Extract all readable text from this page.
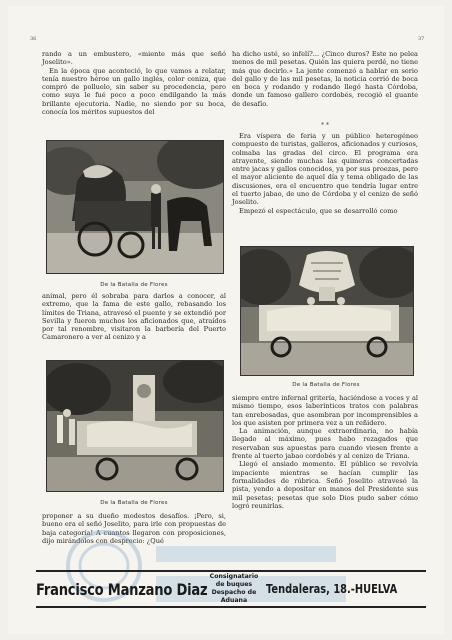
36	37

rando a un embustero, «miente más que señó Joselito».

En la época que aconteció, lo que vamos a relatar, tenía nuestro héroe un gallo inglés, color ceniza, que compró de polluelo, sin saber su procedencia, pero como suya le fué poco a poco endilgando la más brillante ejecutoria. Nadie, no siendo por su boca, conocía los méritos supuestos del

De la Batalla de Flores

animal, pero él sobraba para darlos a conocer, al extremo, que la fama de este gallo, rebasando los límites de Triana, atravesó el puente y se extendió por Sevilla y fueron muchos los aficionados que, atraídos por tal renombre, visitaron la barbería del Puerto Camaronero a ver al cenizo y a

De la Batalla de Flores

proponer a su dueño modestos desafíos. ¡Pero, si, bueno era el señó Joselito, para irle con propuestas de baja categoría! A cuantos llegaron con proposiciones, dijo mirándolos con desprecio: ¿Qué

ha dicho usté, so infelí?... ¿Cinco duros? Este no pelea menos de mil pesetas. Quién las quiera perdé, no tiene más que decirlo.» La jente comenzó a hablar en serio del gallo y de las mil pesetas, la noticia corrió de boca en boca y rodando y rodando llegó hasta Córdoba, donde un famoso gallero cordobés, recogió el guante de desafío.

* *

Era víspera de feria y un público heterogéneo compuesto de turistas, galleros, aficionados y curiosos, colmaba las gradas del circo. El programa era atrayente, siendo muchas las quimeras concertadas entre jacas y gallos conocidos, ya por sus proezas, pero el mayor aliciente de aquel día y tema obligado de las discusiones, era el encuentro que tendría lugar entre el tuerto jabao, de uno de Córdoba y el cenizo de señó Joselito.

Empezó el espectáculo, que se desarrolló como

De la Batalla de Flores

siempre entre infernal gritería, haciéndose a voces y al mismo tiempo, esos laberínticos tratos con palabras tan enrebosadas, que asombran por incomprensibles a los que asisten por primera vez a un reñidero.

La animación, aunque extraordinaria, no había llegado al máximo, pues habo rezagados que reservaban sus apuestas para cuando viesen frente a frente al tuerto jabao cordobés y al cenizo de Triana.

Llegó el ansiado momento. El público se revolvía impaciente mientras se hacían cumplir las formalidades de rúbrica. Señó Joselito atravesó la pista, yendo a depositar en manos del Presidente sus mil pesetas; pesetas que solo Dios pudo saber cómo logró reunirlas.

Francisco Manzano Diaz
Consignatario de buques
Despacho de Aduana
Tendaleras, 18.-HUELVA
